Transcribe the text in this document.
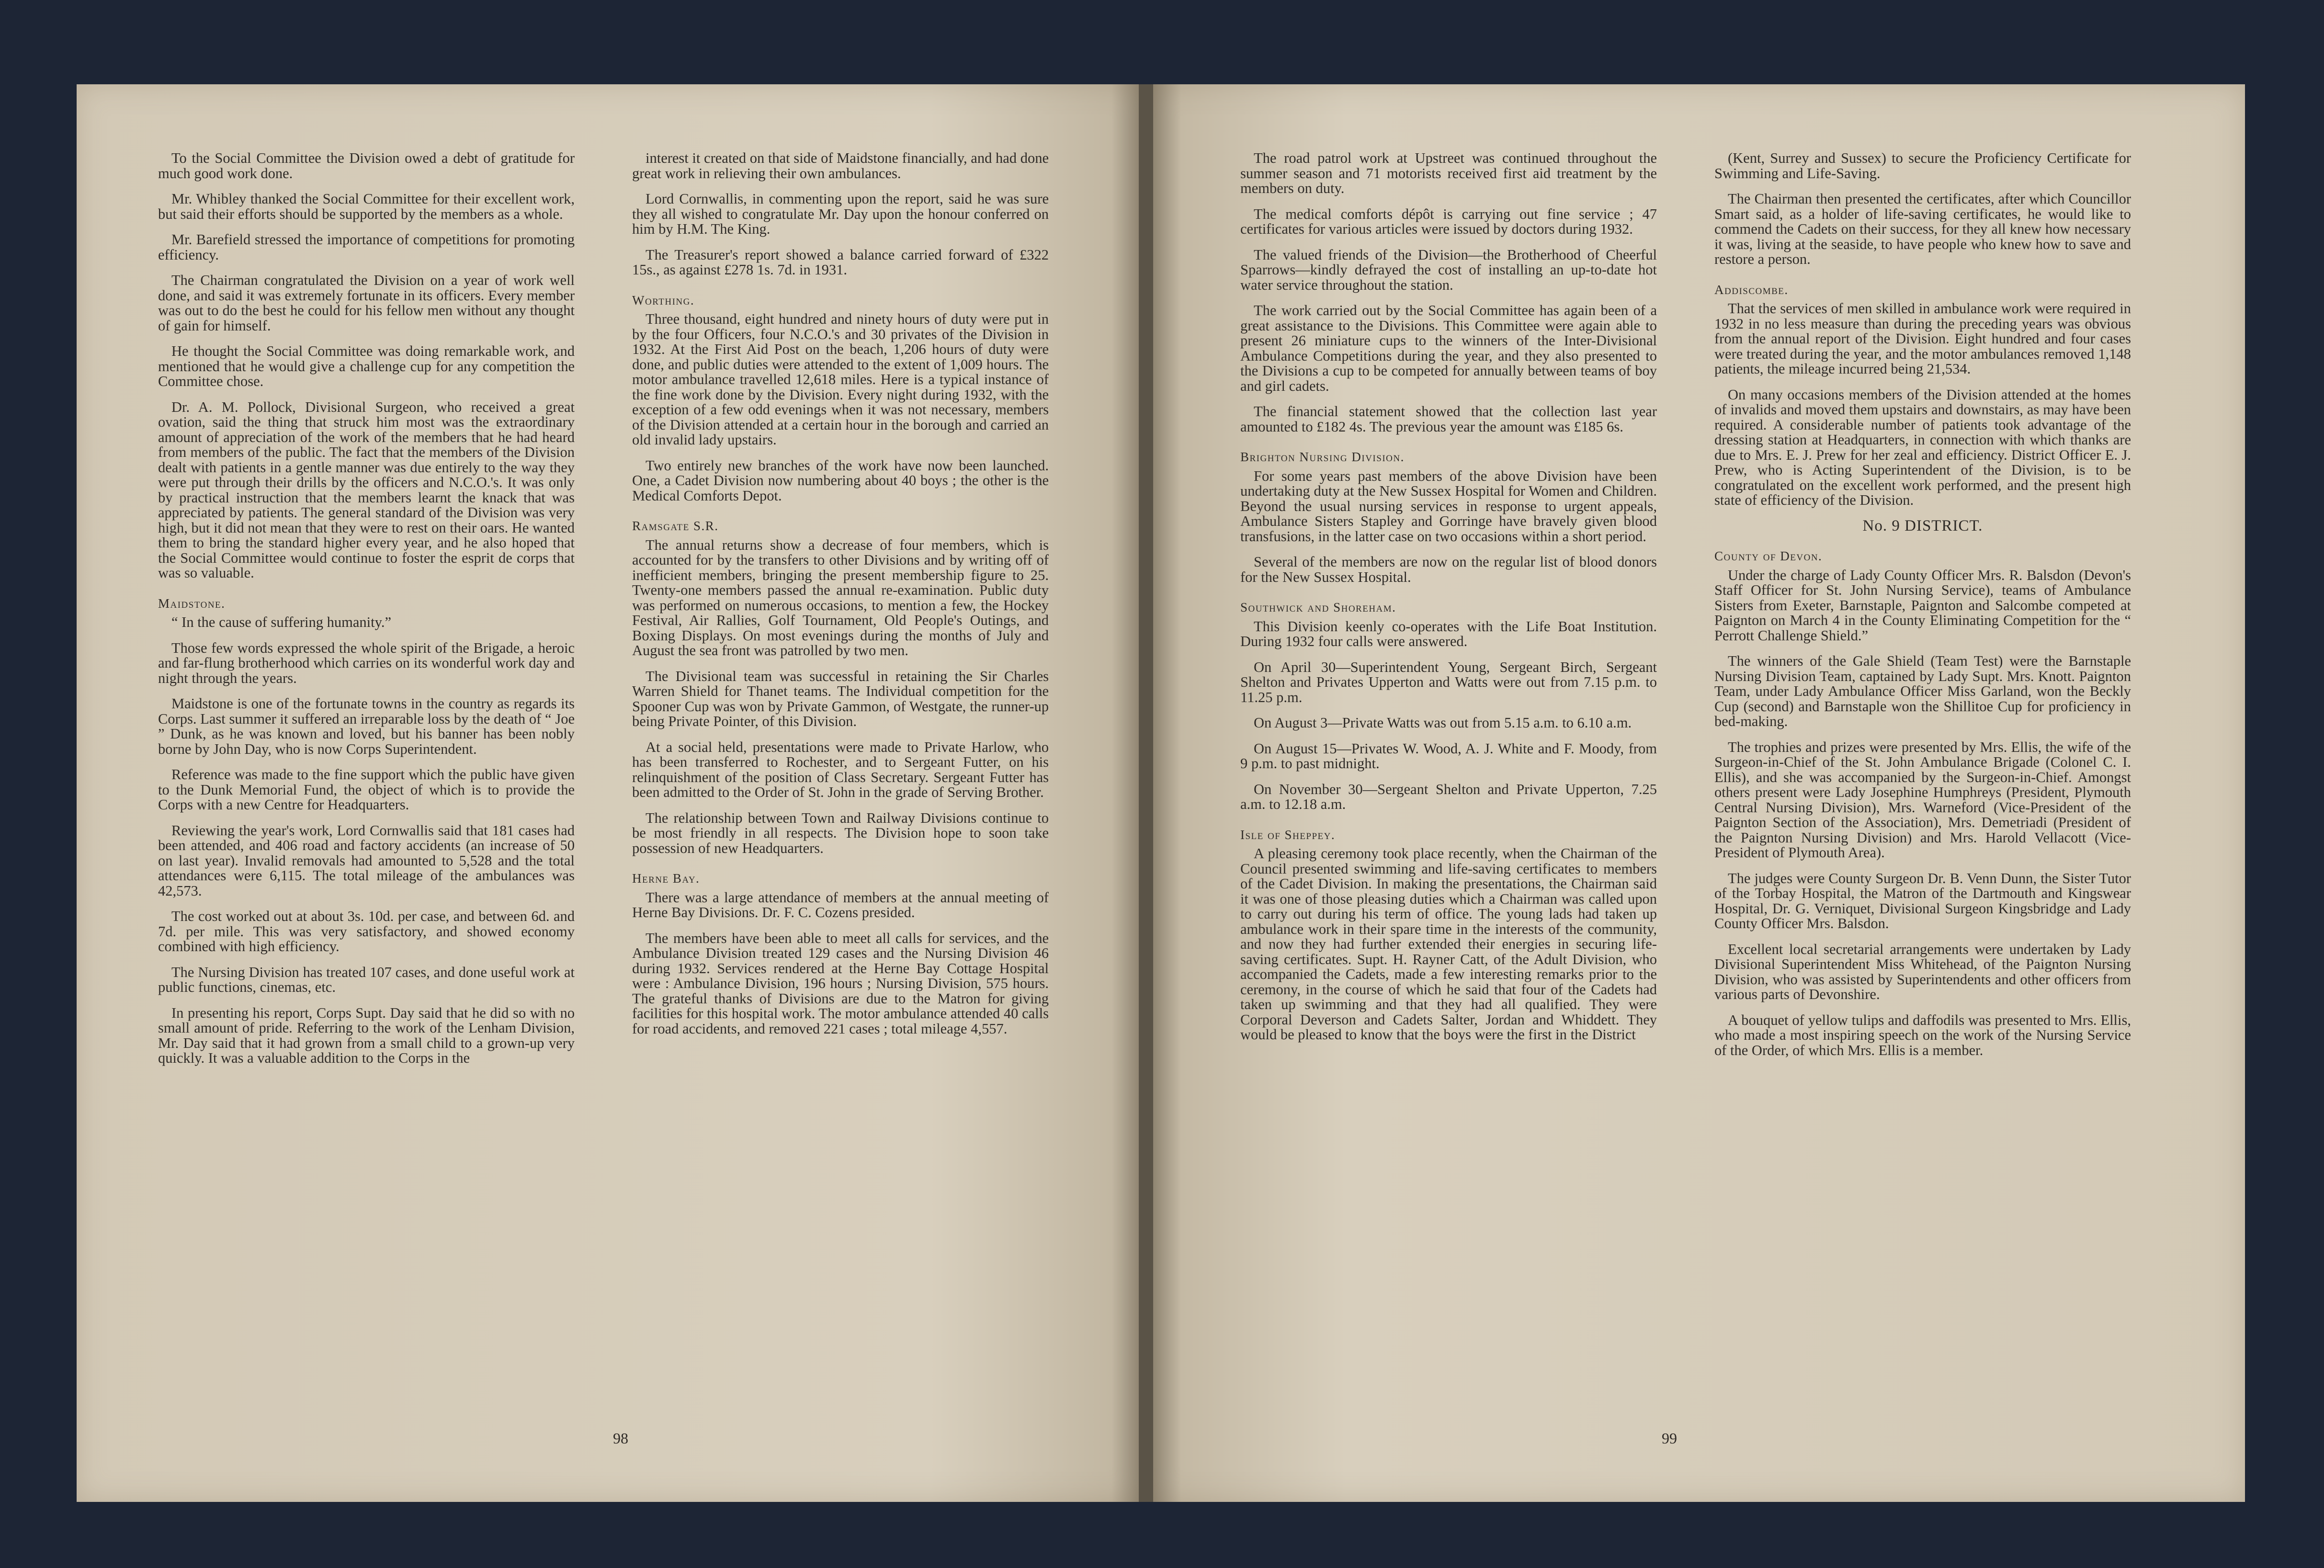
To the Social Committee the Division owed a debt of gratitude for much good work done.

Mr. Whibley thanked the Social Committee for their excellent work, but said their efforts should be supported by the members as a whole.

Mr. Barefield stressed the importance of competitions for promoting efficiency.

The Chairman congratulated the Division on a year of work well done, and said it was extremely fortunate in its officers. Every member was out to do the best he could for his fellow men without any thought of gain for himself.

He thought the Social Committee was doing remarkable work, and mentioned that he would give a challenge cup for any competition the Committee chose.

Dr. A. M. Pollock, Divisional Surgeon, who received a great ovation, said the thing that struck him most was the extraordinary amount of appreciation of the work of the members that he had heard from members of the public. The fact that the members of the Division dealt with patients in a gentle manner was due entirely to the way they were put through their drills by the officers and N.C.O.'s. It was only by practical instruction that the members learnt the knack that was appreciated by patients. The general standard of the Division was very high, but it did not mean that they were to rest on their oars. He wanted them to bring the standard higher every year, and he also hoped that the Social Committee would continue to foster the esprit de corps that was so valuable.

Maidstone.

“ In the cause of suffering humanity.”

Those few words expressed the whole spirit of the Brigade, a heroic and far-flung brotherhood which carries on its wonderful work day and night through the years.

Maidstone is one of the fortunate towns in the country as regards its Corps. Last summer it suffered an irreparable loss by the death of “ Joe ” Dunk, as he was known and loved, but his banner has been nobly borne by John Day, who is now Corps Superintendent.

Reference was made to the fine support which the public have given to the Dunk Memorial Fund, the object of which is to provide the Corps with a new Centre for Headquarters.

Reviewing the year's work, Lord Cornwallis said that 181 cases had been attended, and 406 road and factory accidents (an increase of 50 on last year). Invalid removals had amounted to 5,528 and the total attendances were 6,115. The total mileage of the ambulances was 42,573.

The cost worked out at about 3s. 10d. per case, and between 6d. and 7d. per mile. This was very satisfactory, and showed economy combined with high efficiency.

The Nursing Division has treated 107 cases, and done useful work at public functions, cinemas, etc.

In presenting his report, Corps Supt. Day said that he did so with no small amount of pride. Referring to the work of the Lenham Division, Mr. Day said that it had grown from a small child to a grown-up very quickly. It was a valuable addition to the Corps in the

interest it created on that side of Maidstone financially, and had done great work in relieving their own ambulances.

Lord Cornwallis, in commenting upon the report, said he was sure they all wished to congratulate Mr. Day upon the honour conferred on him by H.M. The King.

The Treasurer's report showed a balance carried forward of £322 15s., as against £278 1s. 7d. in 1931.

Worthing.

Three thousand, eight hundred and ninety hours of duty were put in by the four Officers, four N.C.O.'s and 30 privates of the Division in 1932. At the First Aid Post on the beach, 1,206 hours of duty were done, and public duties were attended to the extent of 1,009 hours. The motor ambulance travelled 12,618 miles. Here is a typical instance of the fine work done by the Division. Every night during 1932, with the exception of a few odd evenings when it was not necessary, members of the Division attended at a certain hour in the borough and carried an old invalid lady upstairs.

Two entirely new branches of the work have now been launched. One, a Cadet Division now numbering about 40 boys ; the other is the Medical Comforts Depot.

Ramsgate S.R.

The annual returns show a decrease of four members, which is accounted for by the transfers to other Divisions and by writing off of inefficient members, bringing the present membership figure to 25. Twenty-one members passed the annual re-examination. Public duty was performed on numerous occasions, to mention a few, the Hockey Festival, Air Rallies, Golf Tournament, Old People's Outings, and Boxing Displays. On most evenings during the months of July and August the sea front was patrolled by two men.

The Divisional team was successful in retaining the Sir Charles Warren Shield for Thanet teams. The Individual competition for the Spooner Cup was won by Private Gammon, of Westgate, the runner-up being Private Pointer, of this Division.

At a social held, presentations were made to Private Harlow, who has been transferred to Rochester, and to Sergeant Futter, on his relinquishment of the position of Class Secretary. Sergeant Futter has been admitted to the Order of St. John in the grade of Serving Brother.

The relationship between Town and Railway Divisions continue to be most friendly in all respects. The Division hope to soon take possession of new Headquarters.

Herne Bay.

There was a large attendance of members at the annual meeting of Herne Bay Divisions. Dr. F. C. Cozens presided.

The members have been able to meet all calls for services, and the Ambulance Division treated 129 cases and the Nursing Division 46 during 1932. Services rendered at the Herne Bay Cottage Hospital were : Ambulance Division, 196 hours ; Nursing Division, 575 hours. The grateful thanks of Divisions are due to the Matron for giving facilities for this hospital work. The motor ambulance attended 40 calls for road accidents, and removed 221 cases ; total mileage 4,557.

The road patrol work at Upstreet was continued throughout the summer season and 71 motorists received first aid treatment by the members on duty.

The medical comforts dépôt is carrying out fine service ; 47 certificates for various articles were issued by doctors during 1932.

The valued friends of the Division—the Brotherhood of Cheerful Sparrows—kindly defrayed the cost of installing an up-to-date hot water service throughout the station.

The work carried out by the Social Committee has again been of a great assistance to the Divisions. This Committee were again able to present 26 miniature cups to the winners of the Inter-Divisional Ambulance Competitions during the year, and they also presented to the Divisions a cup to be competed for annually between teams of boy and girl cadets.

The financial statement showed that the collection last year amounted to £182 4s. The previous year the amount was £185 6s.

Brighton Nursing Division.

For some years past members of the above Division have been undertaking duty at the New Sussex Hospital for Women and Children. Beyond the usual nursing services in response to urgent appeals, Ambulance Sisters Stapley and Gorringe have bravely given blood transfusions, in the latter case on two occasions within a short period.

Several of the members are now on the regular list of blood donors for the New Sussex Hospital.

Southwick and Shoreham.

This Division keenly co-operates with the Life Boat Institution. During 1932 four calls were answered.

On April 30—Superintendent Young, Sergeant Birch, Sergeant Shelton and Privates Upperton and Watts were out from 7.15 p.m. to 11.25 p.m.

On August 3—Private Watts was out from 5.15 a.m. to 6.10 a.m.

On August 15—Privates W. Wood, A. J. White and F. Moody, from 9 p.m. to past midnight.

On November 30—Sergeant Shelton and Private Upperton, 7.25 a.m. to 12.18 a.m.

Isle of Sheppey.

A pleasing ceremony took place recently, when the Chairman of the Council presented swimming and life-saving certificates to members of the Cadet Division. In making the presentations, the Chairman said it was one of those pleasing duties which a Chairman was called upon to carry out during his term of office. The young lads had taken up ambulance work in their spare time in the interests of the community, and now they had further extended their energies in securing life-saving certificates. Supt. H. Rayner Catt, of the Adult Division, who accompanied the Cadets, made a few interesting remarks prior to the ceremony, in the course of which he said that four of the Cadets had taken up swimming and that they had all qualified. They were Corporal Deverson and Cadets Salter, Jordan and Whiddett. They would be pleased to know that the boys were the first in the District

(Kent, Surrey and Sussex) to secure the Proficiency Certificate for Swimming and Life-Saving.

The Chairman then presented the certificates, after which Councillor Smart said, as a holder of life-saving certificates, he would like to commend the Cadets on their success, for they all knew how necessary it was, living at the seaside, to have people who knew how to save and restore a person.

Addiscombe.

That the services of men skilled in ambulance work were required in 1932 in no less measure than during the preceding years was obvious from the annual report of the Division. Eight hundred and four cases were treated during the year, and the motor ambulances removed 1,148 patients, the mileage incurred being 21,534.

On many occasions members of the Division attended at the homes of invalids and moved them upstairs and downstairs, as may have been required. A considerable number of patients took advantage of the dressing station at Headquarters, in connection with which thanks are due to Mrs. E. J. Prew for her zeal and efficiency. District Officer E. J. Prew, who is Acting Superintendent of the Division, is to be congratulated on the excellent work performed, and the present high state of efficiency of the Division.

No. 9 DISTRICT.
County of Devon.

Under the charge of Lady County Officer Mrs. R. Balsdon (Devon's Staff Officer for St. John Nursing Service), teams of Ambulance Sisters from Exeter, Barnstaple, Paignton and Salcombe competed at Paignton on March 4 in the County Eliminating Competition for the “ Perrott Challenge Shield.”

The winners of the Gale Shield (Team Test) were the Barnstaple Nursing Division Team, captained by Lady Supt. Mrs. Knott. Paignton Team, under Lady Ambulance Officer Miss Garland, won the Beckly Cup (second) and Barnstaple won the Shillitoe Cup for proficiency in bed-making.

The trophies and prizes were presented by Mrs. Ellis, the wife of the Surgeon-in-Chief of the St. John Ambulance Brigade (Colonel C. I. Ellis), and she was accompanied by the Surgeon-in-Chief. Amongst others present were Lady Josephine Humphreys (President, Plymouth Central Nursing Division), Mrs. Warneford (Vice-President of the Paignton Section of the Association), Mrs. Demetriadi (President of the Paignton Nursing Division) and Mrs. Harold Vellacott (Vice-President of Plymouth Area).

The judges were County Surgeon Dr. B. Venn Dunn, the Sister Tutor of the Torbay Hospital, the Matron of the Dartmouth and Kingswear Hospital, Dr. G. Verniquet, Divisional Surgeon Kingsbridge and Lady County Officer Mrs. Balsdon.

Excellent local secretarial arrangements were undertaken by Lady Divisional Superintendent Miss Whitehead, of the Paignton Nursing Division, who was assisted by Superintendents and other officers from various parts of Devonshire.

A bouquet of yellow tulips and daffodils was presented to Mrs. Ellis, who made a most inspiring speech on the work of the Nursing Service of the Order, of which Mrs. Ellis is a member.

98	99
